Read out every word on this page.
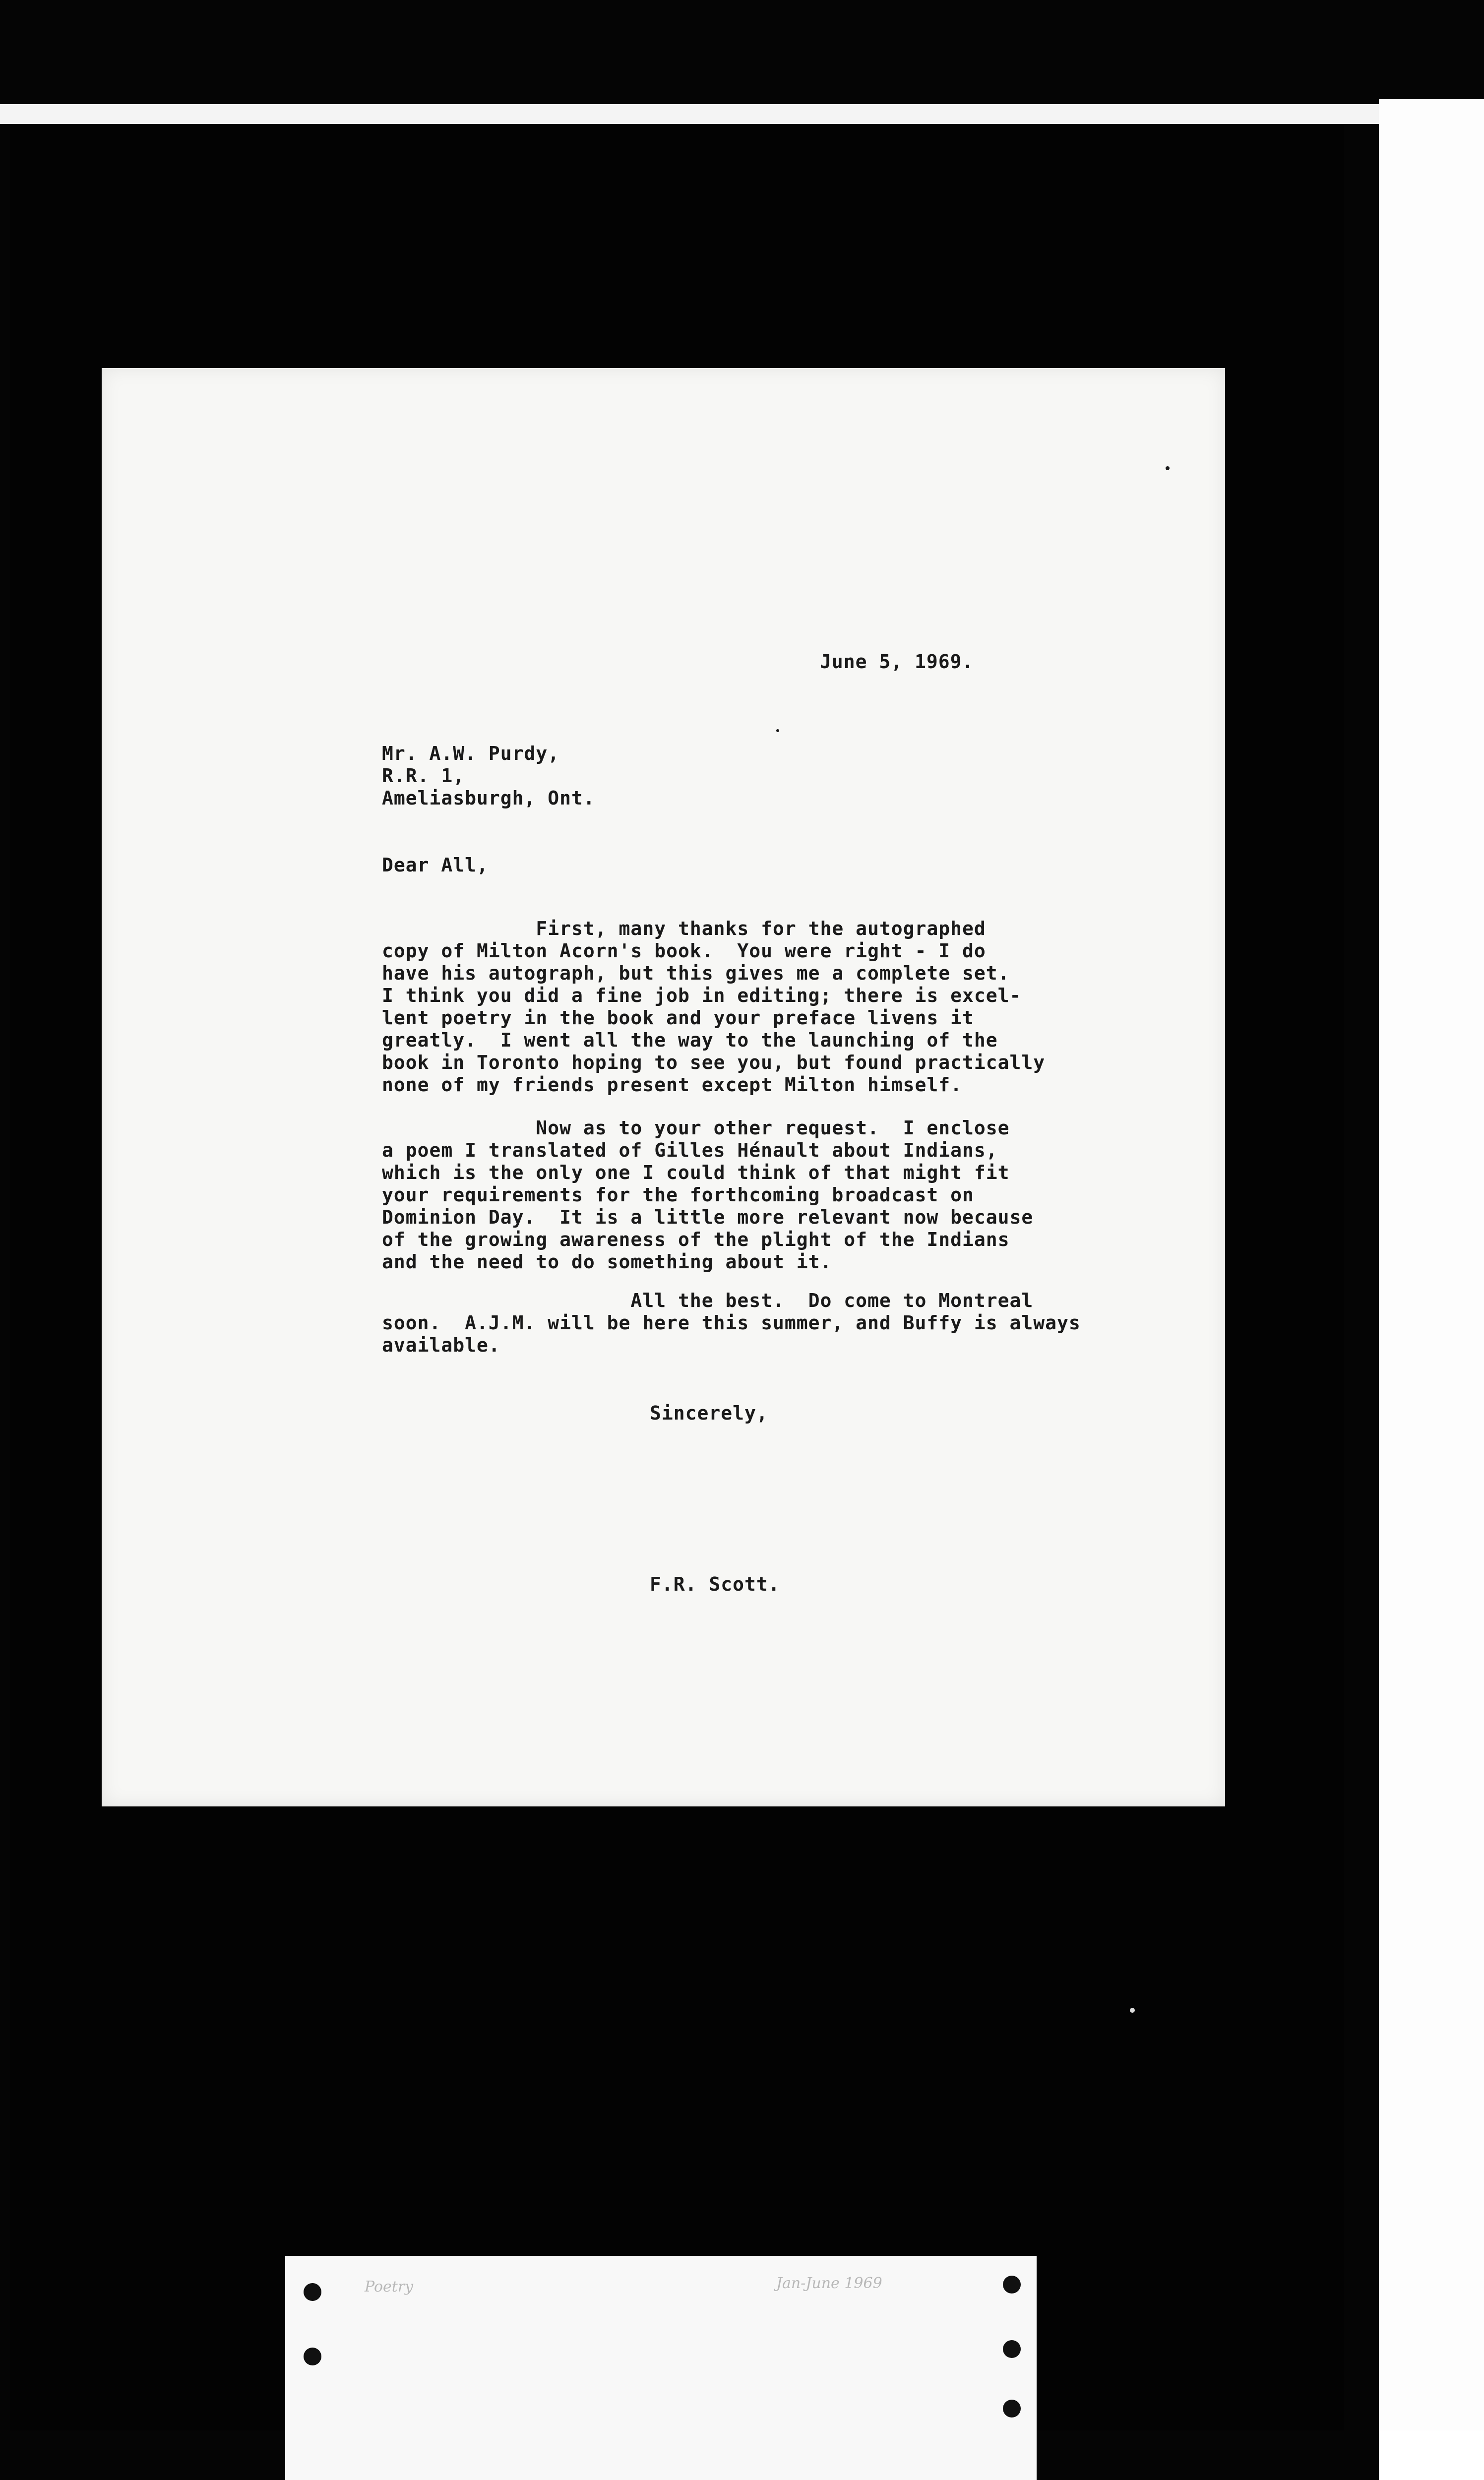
June 5, 1969.

Mr. A.W. Purdy,
R.R. 1,
Ameliasburgh, Ont.

Dear All,

First, many thanks for the autographed
copy of Milton Acorn's book.  You were right - I do
have his autograph, but this gives me a complete set.
I think you did a fine job in editing; there is excel-
lent poetry in the book and your preface livens it
greatly.  I went all the way to the launching of the
book in Toronto hoping to see you, but found practically
none of my friends present except Milton himself.

Now as to your other request.  I enclose
a poem I translated of Gilles Hénault about Indians,
which is the only one I could think of that might fit
your requirements for the forthcoming broadcast on
Dominion Day.  It is a little more relevant now because
of the growing awareness of the plight of the Indians
and the need to do something about it.

All the best.  Do come to Montreal
soon.  A.J.M. will be here this summer, and Buffy is always
available.

Sincerely,

F.R. Scott.

Poetry	Jan-June 1969
